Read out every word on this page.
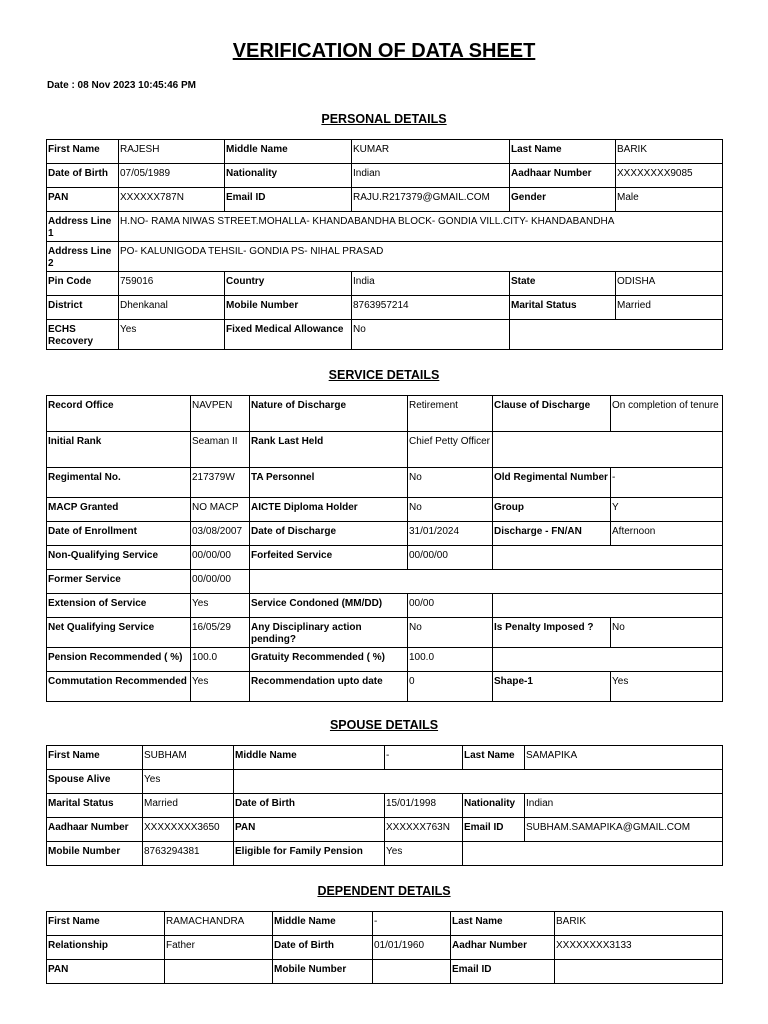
VERIFICATION OF DATA SHEET
Date : 08 Nov 2023 10:45:46 PM
PERSONAL DETAILS
First Name	RAJESH	Middle Name	KUMAR	Last Name	BARIK
Date of Birth	07/05/1989	Nationality	Indian	Aadhaar Number	XXXXXXXX9085
PAN	XXXXXX787N	Email ID	RAJU.R217379@GMAIL.COM	Gender	Male
Address Line 1	H.NO- RAMA NIWAS STREET.MOHALLA- KHANDABANDHA BLOCK- GONDIA VILL.CITY- KHANDABANDHA				
Address Line 2	PO- KALUNIGODA TEHSIL- GONDIA PS- NIHAL PRASAD				
Pin Code	759016	Country	India	State	ODISHA
District	Dhenkanal	Mobile Number	8763957214	Marital Status	Married
ECHS Recovery	Yes	Fixed Medical Allowance	No		
SERVICE DETAILS
Record Office	NAVPEN	Nature of Discharge	Retirement	Clause of Discharge	On completion of tenure
Initial Rank	Seaman II	Rank Last Held	Chief Petty Officer		
Regimental No.	217379W	TA Personnel	No	Old Regimental Number	-
MACP Granted	NO MACP	AICTE Diploma Holder	No	Group	Y
Date of Enrollment	03/08/2007	Date of Discharge	31/01/2024	Discharge - FN/AN	Afternoon
Non-Qualifying Service	00/00/00	Forfeited Service	00/00/00		
Former Service	00/00/00				
Extension of Service	Yes	Service Condoned (MM/DD)	00/00		
Net Qualifying Service	16/05/29	Any Disciplinary action pending?	No	Is Penalty Imposed ?	No
Pension Recommended ( %)	100.0	Gratuity Recommended ( %)	100.0		
Commutation Recommended	Yes	Recommendation upto date	0	Shape-1	Yes
SPOUSE DETAILS
First Name	SUBHAM	Middle Name	-	Last Name	SAMAPIKA
Spouse Alive	Yes				
Marital Status	Married	Date of Birth	15/01/1998	Nationality	Indian
Aadhaar Number	XXXXXXXX3650	PAN	XXXXXX763N	Email ID	SUBHAM.SAMAPIKA@GMAIL.COM
Mobile Number	8763294381	Eligible for Family Pension	Yes		
DEPENDENT DETAILS
First Name	RAMACHANDRA	Middle Name	-	Last Name	BARIK
Relationship	Father	Date of Birth	01/01/1960	Aadhar Number	XXXXXXXX3133
PAN		Mobile Number		Email ID	
